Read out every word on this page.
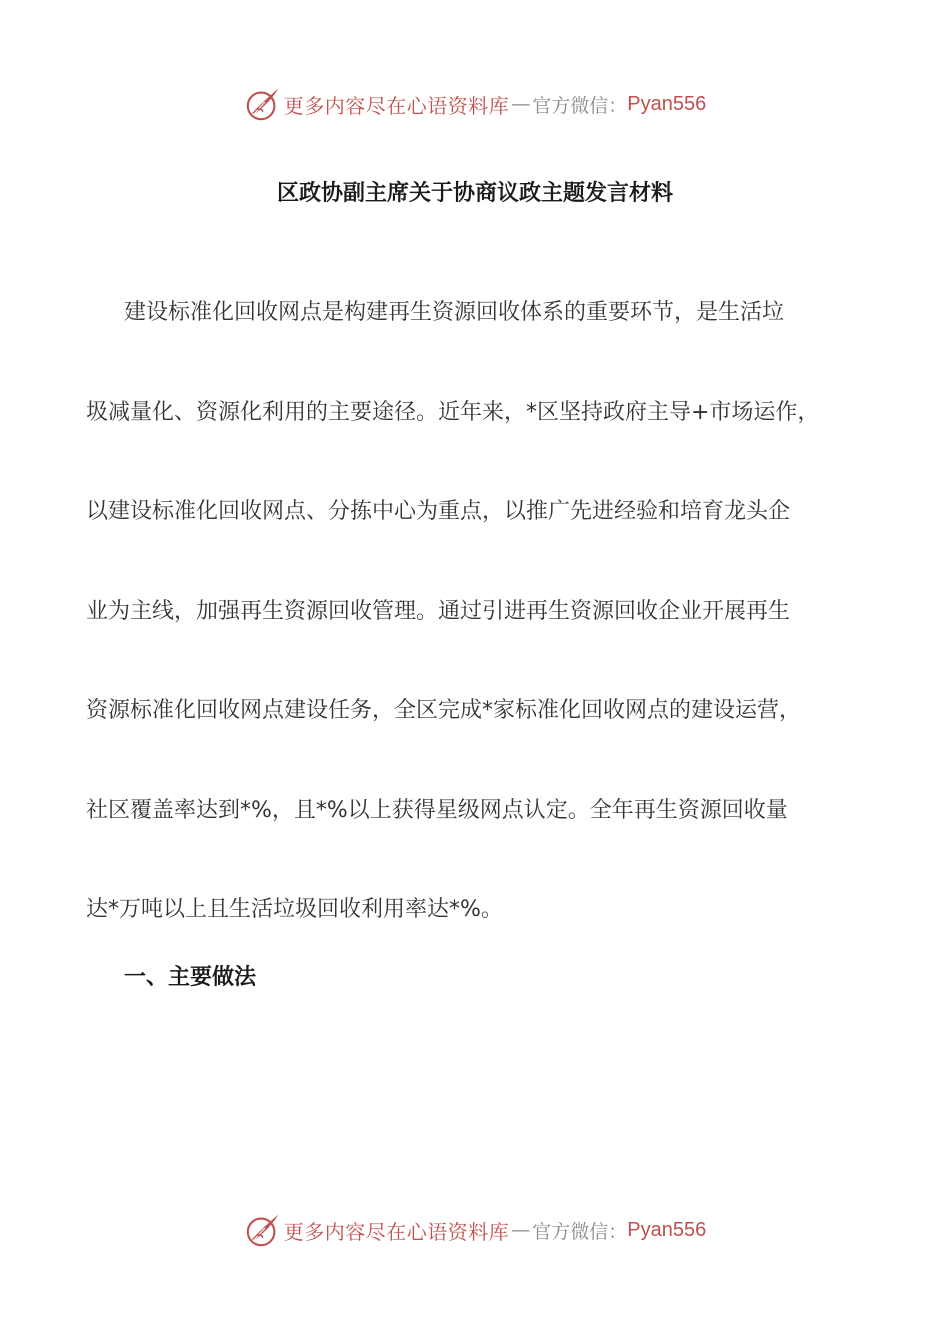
更多内容尽在心语资料库 — 官方微信： Pyan556
区政协副主席关于协商议政主题发言材料
建设标准化回收网点是构建再生资源回收体系的重要环节，是生活垃
圾减量化、资源化利用的主要途径。近年来，*区坚持政府主导+市场运作，
以建设标准化回收网点、分拣中心为重点，以推广先进经验和培育龙头企
业为主线，加强再生资源回收管理。通过引进再生资源回收企业开展再生
资源标准化回收网点建设任务，全区完成*家标准化回收网点的建设运营，
社区覆盖率达到*%，且*%以上获得星级网点认定。全年再生资源回收量
达*万吨以上且生活垃圾回收利用率达*%。
一、主要做法
更多内容尽在心语资料库 — 官方微信： Pyan556
